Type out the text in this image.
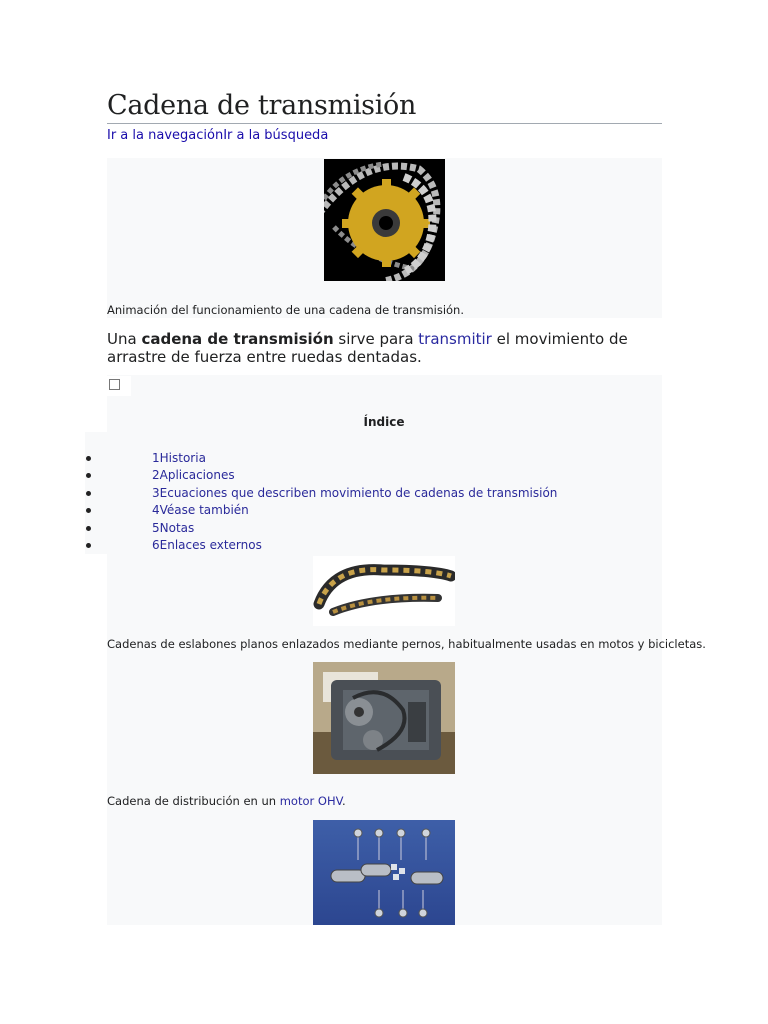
Cadena de transmisión
Ir a la navegaciónIr a la búsqueda
Animación del funcionamiento de una cadena de transmisión.

Una cadena de transmisión sirve para transmitir el movimiento de arrastre de fuerza entre ruedas dentadas.

Índice
1Historia
2Aplicaciones
3Ecuaciones que describen movimiento de cadenas de transmisión
4Véase también
5Notas
6Enlaces externos
Cadenas de eslabones planos enlazados mediante pernos, habitualmente usadas en motos y bicicletas.
Cadena de distribución en un motor OHV.
